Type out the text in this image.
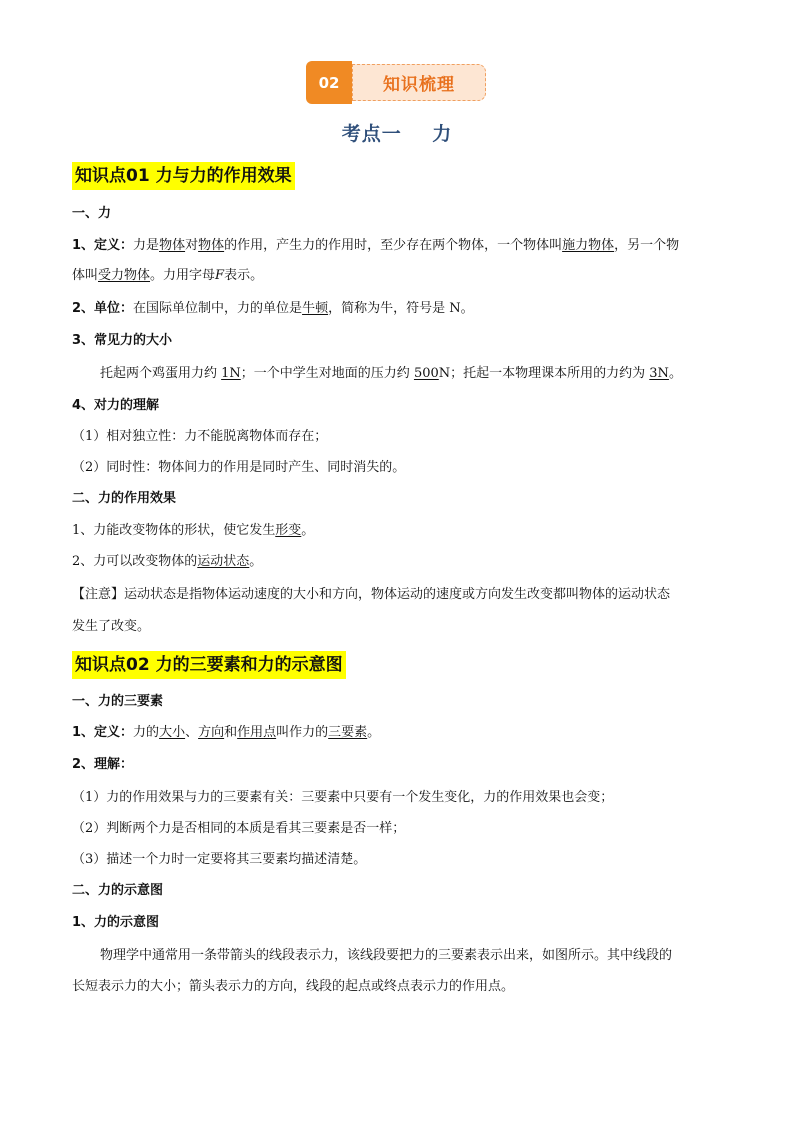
02	知识梳理
考点一    力
知识点01 力与力的作用效果
一、力
1、定义：力是物体对物体的作用，产生力的作用时，至少存在两个物体，一个物体叫施力物体，另一个物
体叫受力物体。力用字母F表示。
2、单位：在国际单位制中，力的单位是牛顿，简称为牛，符号是 N。
3、常见力的大小
托起两个鸡蛋用力约 1N；一个中学生对地面的压力约 500N；托起一本物理课本所用的力约为 3N。
4、对力的理解
（1）相对独立性：力不能脱离物体而存在；
（2）同时性：物体间力的作用是同时产生、同时消失的。
二、力的作用效果
1、力能改变物体的形状，使它发生形变。
2、力可以改变物体的运动状态。
【注意】运动状态是指物体运动速度的大小和方向，物体运动的速度或方向发生改变都叫物体的运动状态
发生了改变。
知识点02 力的三要素和力的示意图
一、力的三要素
1、定义：力的大小、方向和作用点叫作力的三要素。
2、理解：
（1）力的作用效果与力的三要素有关：三要素中只要有一个发生变化，力的作用效果也会变；
（2）判断两个力是否相同的本质是看其三要素是否一样；
（3）描述一个力时一定要将其三要素均描述清楚。
二、力的示意图
1、力的示意图
物理学中通常用一条带箭头的线段表示力，该线段要把力的三要素表示出来，如图所示。其中线段的
长短表示力的大小；箭头表示力的方向，线段的起点或终点表示力的作用点。
